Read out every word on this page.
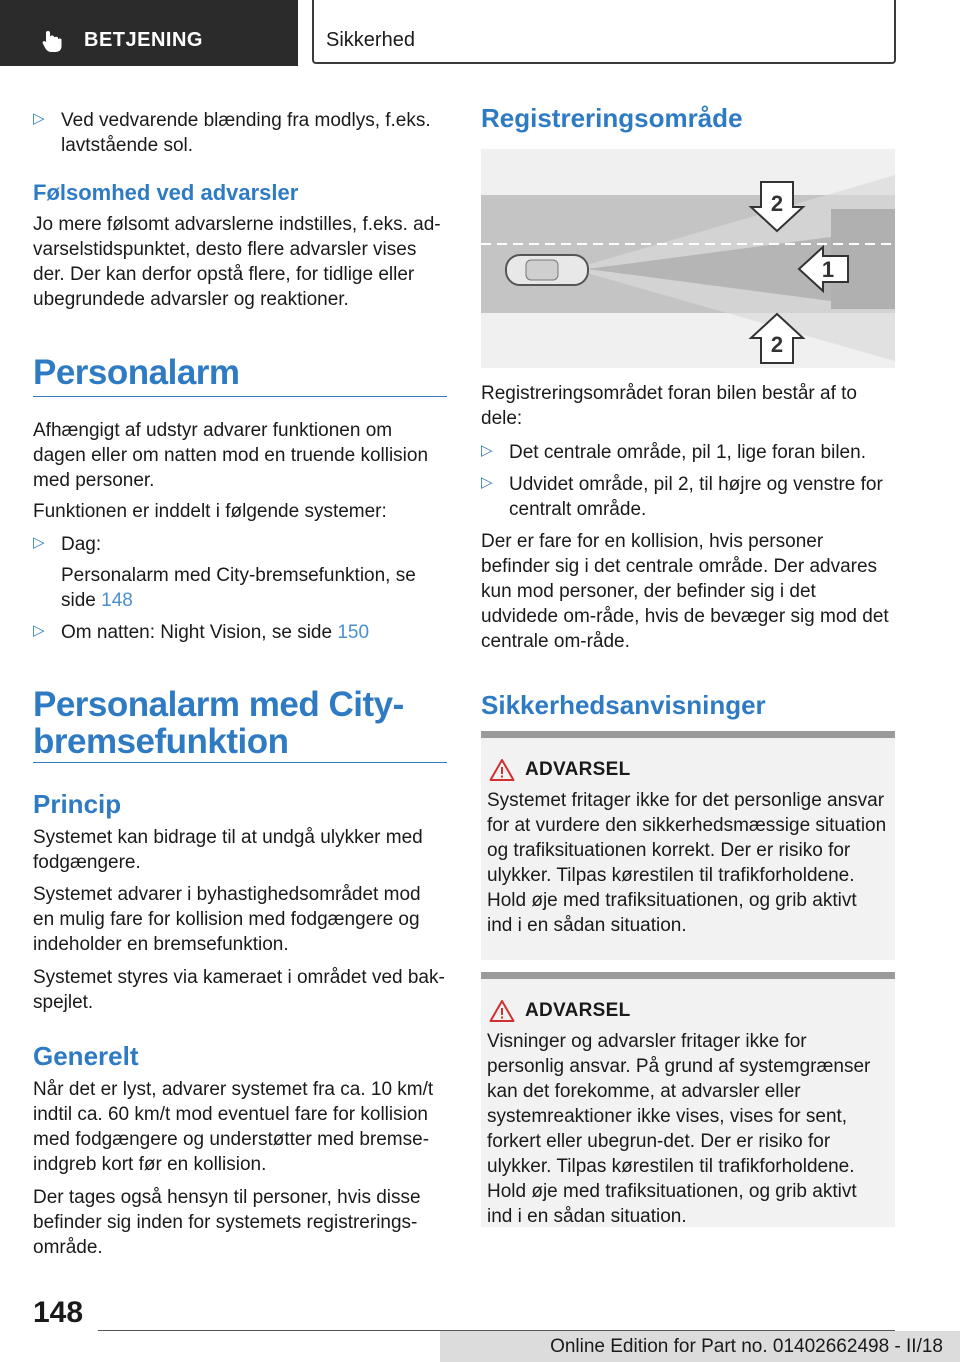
BETJENING	Sikkerhed
▷ Ved vedvarende blænding fra modlys, f.eks. lavtstående sol.

Følsomhed ved advarsler

Jo mere følsomt advarslerne indstilles, f.eks. ad-varselstidspunktet, desto flere advarsler vises der. Der kan derfor opstå flere, for tidlige eller ubegrundede advarsler og reaktioner.

Personalarm

Afhængigt af udstyr advarer funktionen om dagen eller om natten mod en truende kollision med personer.

Funktionen er inddelt i følgende systemer:

▷ Dag:

Personalarm med City-bremsefunktion, se side 148

▷ Om natten: Night Vision, se side 150

Personalarm med City-
bremsefunktion
Princip

Systemet kan bidrage til at undgå ulykker med fodgængere.

Systemet advarer i byhastighedsområdet mod en mulig fare for kollision med fodgængere og indeholder en bremsefunktion.

Systemet styres via kameraet i området ved bak-spejlet.

Generelt

Når det er lyst, advarer systemet fra ca. 10 km/t indtil ca. 60 km/t mod eventuel fare for kollision med fodgængere og understøtter med bremse-indgreb kort før en kollision.

Der tages også hensyn til personer, hvis disse befinder sig inden for systemets registrerings-område.

Registreringsområde
2
1
2

Registreringsområdet foran bilen består af to dele:

▷ Det centrale område, pil 1, lige foran bilen.

▷ Udvidet område, pil 2, til højre og venstre for centralt område.

Der er fare for en kollision, hvis personer befinder sig i det centrale område. Der advares kun mod personer, der befinder sig i det udvidede om-råde, hvis de bevæger sig mod det centrale om-råde.

Sikkerhedsanvisninger
ADVARSEL

Systemet fritager ikke for det personlige ansvar for at vurdere den sikkerhedsmæssige situation og trafiksituationen korrekt. Der er risiko for ulykker. Tilpas kørestilen til trafikforholdene. Hold øje med trafiksituationen, og grib aktivt ind i en sådan situation.

ADVARSEL

Visninger og advarsler fritager ikke for personlig ansvar. På grund af systemgrænser kan det forekomme, at advarsler eller systemreaktioner ikke vises, vises for sent, forkert eller ubegrun-det. Der er risiko for ulykker. Tilpas kørestilen til trafikforholdene. Hold øje med trafiksituationen, og grib aktivt ind i en sådan situation.

148
Online Edition for Part no. 01402662498 - II/18
